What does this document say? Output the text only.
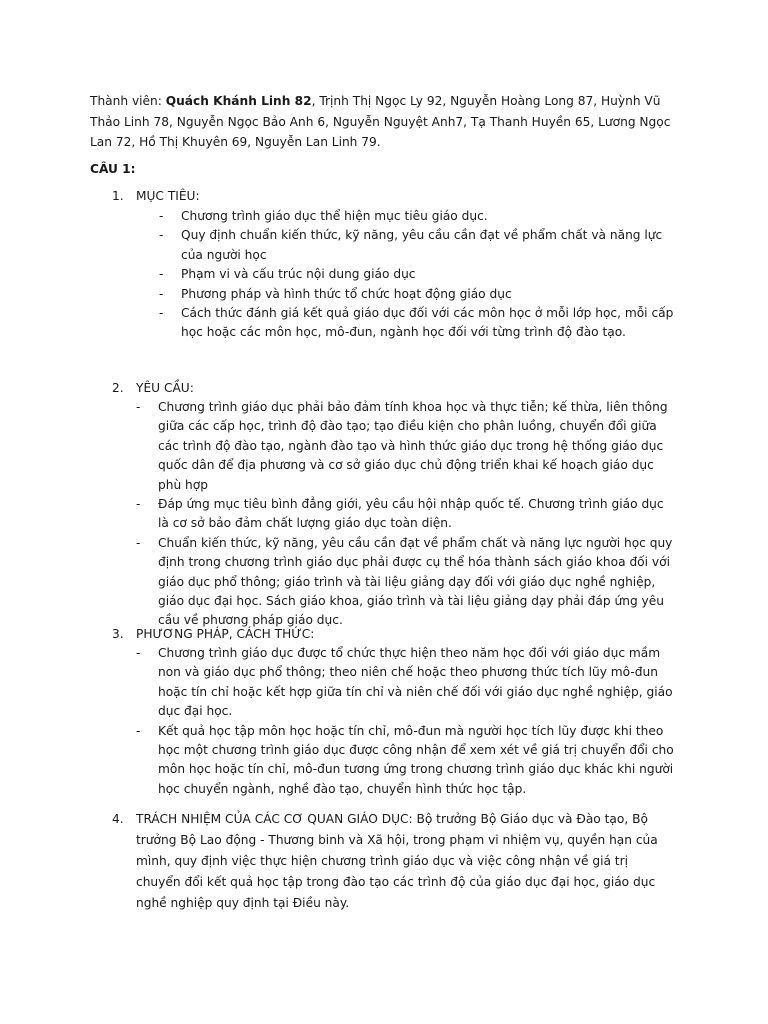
Thành viên: Quách Khánh Linh 82, Trịnh Thị Ngọc Ly 92, Nguyễn Hoàng Long 87, Huỳnh Vũ Thảo Linh 78, Nguyễn Ngọc Bảo Anh 6, Nguyễn Nguyệt Anh7, Tạ Thanh Huyền 65, Lương Ngọc Lan 72, Hồ Thị Khuyên 69, Nguyễn Lan Linh 79.

CÂU 1:

1. MỤC TIÊU:

- Chương trình giáo dục thể hiện mục tiêu giáo dục.
- Quy định chuẩn kiến thức, kỹ năng, yêu cầu cần đạt về phẩm chất và năng lực của người học
- Phạm vi và cấu trúc nội dung giáo dục
- Phương pháp và hình thức tổ chức hoạt động giáo dục
- Cách thức đánh giá kết quả giáo dục đối với các môn học ở mỗi lớp học, mỗi cấp học hoặc các môn học, mô-đun, ngành học đối với từng trình độ đào tạo.

2. YÊU CẦU:

- Chương trình giáo dục phải bảo đảm tính khoa học và thực tiễn; kế thừa, liên thông giữa các cấp học, trình độ đào tạo; tạo điều kiện cho phân luồng, chuyển đổi giữa các trình độ đào tạo, ngành đào tạo và hình thức giáo dục trong hệ thống giáo dục quốc dân để địa phương và cơ sở giáo dục chủ động triển khai kế hoạch giáo dục phù hợp
- Đáp ứng mục tiêu bình đẳng giới, yêu cầu hội nhập quốc tế. Chương trình giáo dục là cơ sở bảo đảm chất lượng giáo dục toàn diện.
- Chuẩn kiến thức, kỹ năng, yêu cầu cần đạt về phẩm chất và năng lực người học quy định trong chương trình giáo dục phải được cụ thể hóa thành sách giáo khoa đối với giáo dục phổ thông; giáo trình và tài liệu giảng dạy đối với giáo dục nghề nghiệp, giáo dục đại học. Sách giáo khoa, giáo trình và tài liệu giảng dạy phải đáp ứng yêu cầu về phương pháp giáo dục.

3. PHƯƠNG PHÁP, CÁCH THỨC:

- Chương trình giáo dục được tổ chức thực hiện theo năm học đối với giáo dục mầm non và giáo dục phổ thông; theo niên chế hoặc theo phương thức tích lũy mô-đun hoặc tín chỉ hoặc kết hợp giữa tín chỉ và niên chế đối với giáo dục nghề nghiệp, giáo dục đại học.
- Kết quả học tập môn học hoặc tín chỉ, mô-đun mà người học tích lũy được khi theo học một chương trình giáo dục được công nhận để xem xét về giá trị chuyển đổi cho môn học hoặc tín chỉ, mô-đun tương ứng trong chương trình giáo dục khác khi người học chuyển ngành, nghề đào tạo, chuyển hình thức học tập.

4. TRÁCH NHIỆM CỦA CÁC CƠ QUAN GIÁO DỤC: Bộ trưởng Bộ Giáo dục và Đào tạo, Bộ trưởng Bộ Lao động - Thương binh và Xã hội, trong phạm vi nhiệm vụ, quyền hạn của mình, quy định việc thực hiện chương trình giáo dục và việc công nhận về giá trị chuyển đổi kết quả học tập trong đào tạo các trình độ của giáo dục đại học, giáo dục nghề nghiệp quy định tại Điều này.
